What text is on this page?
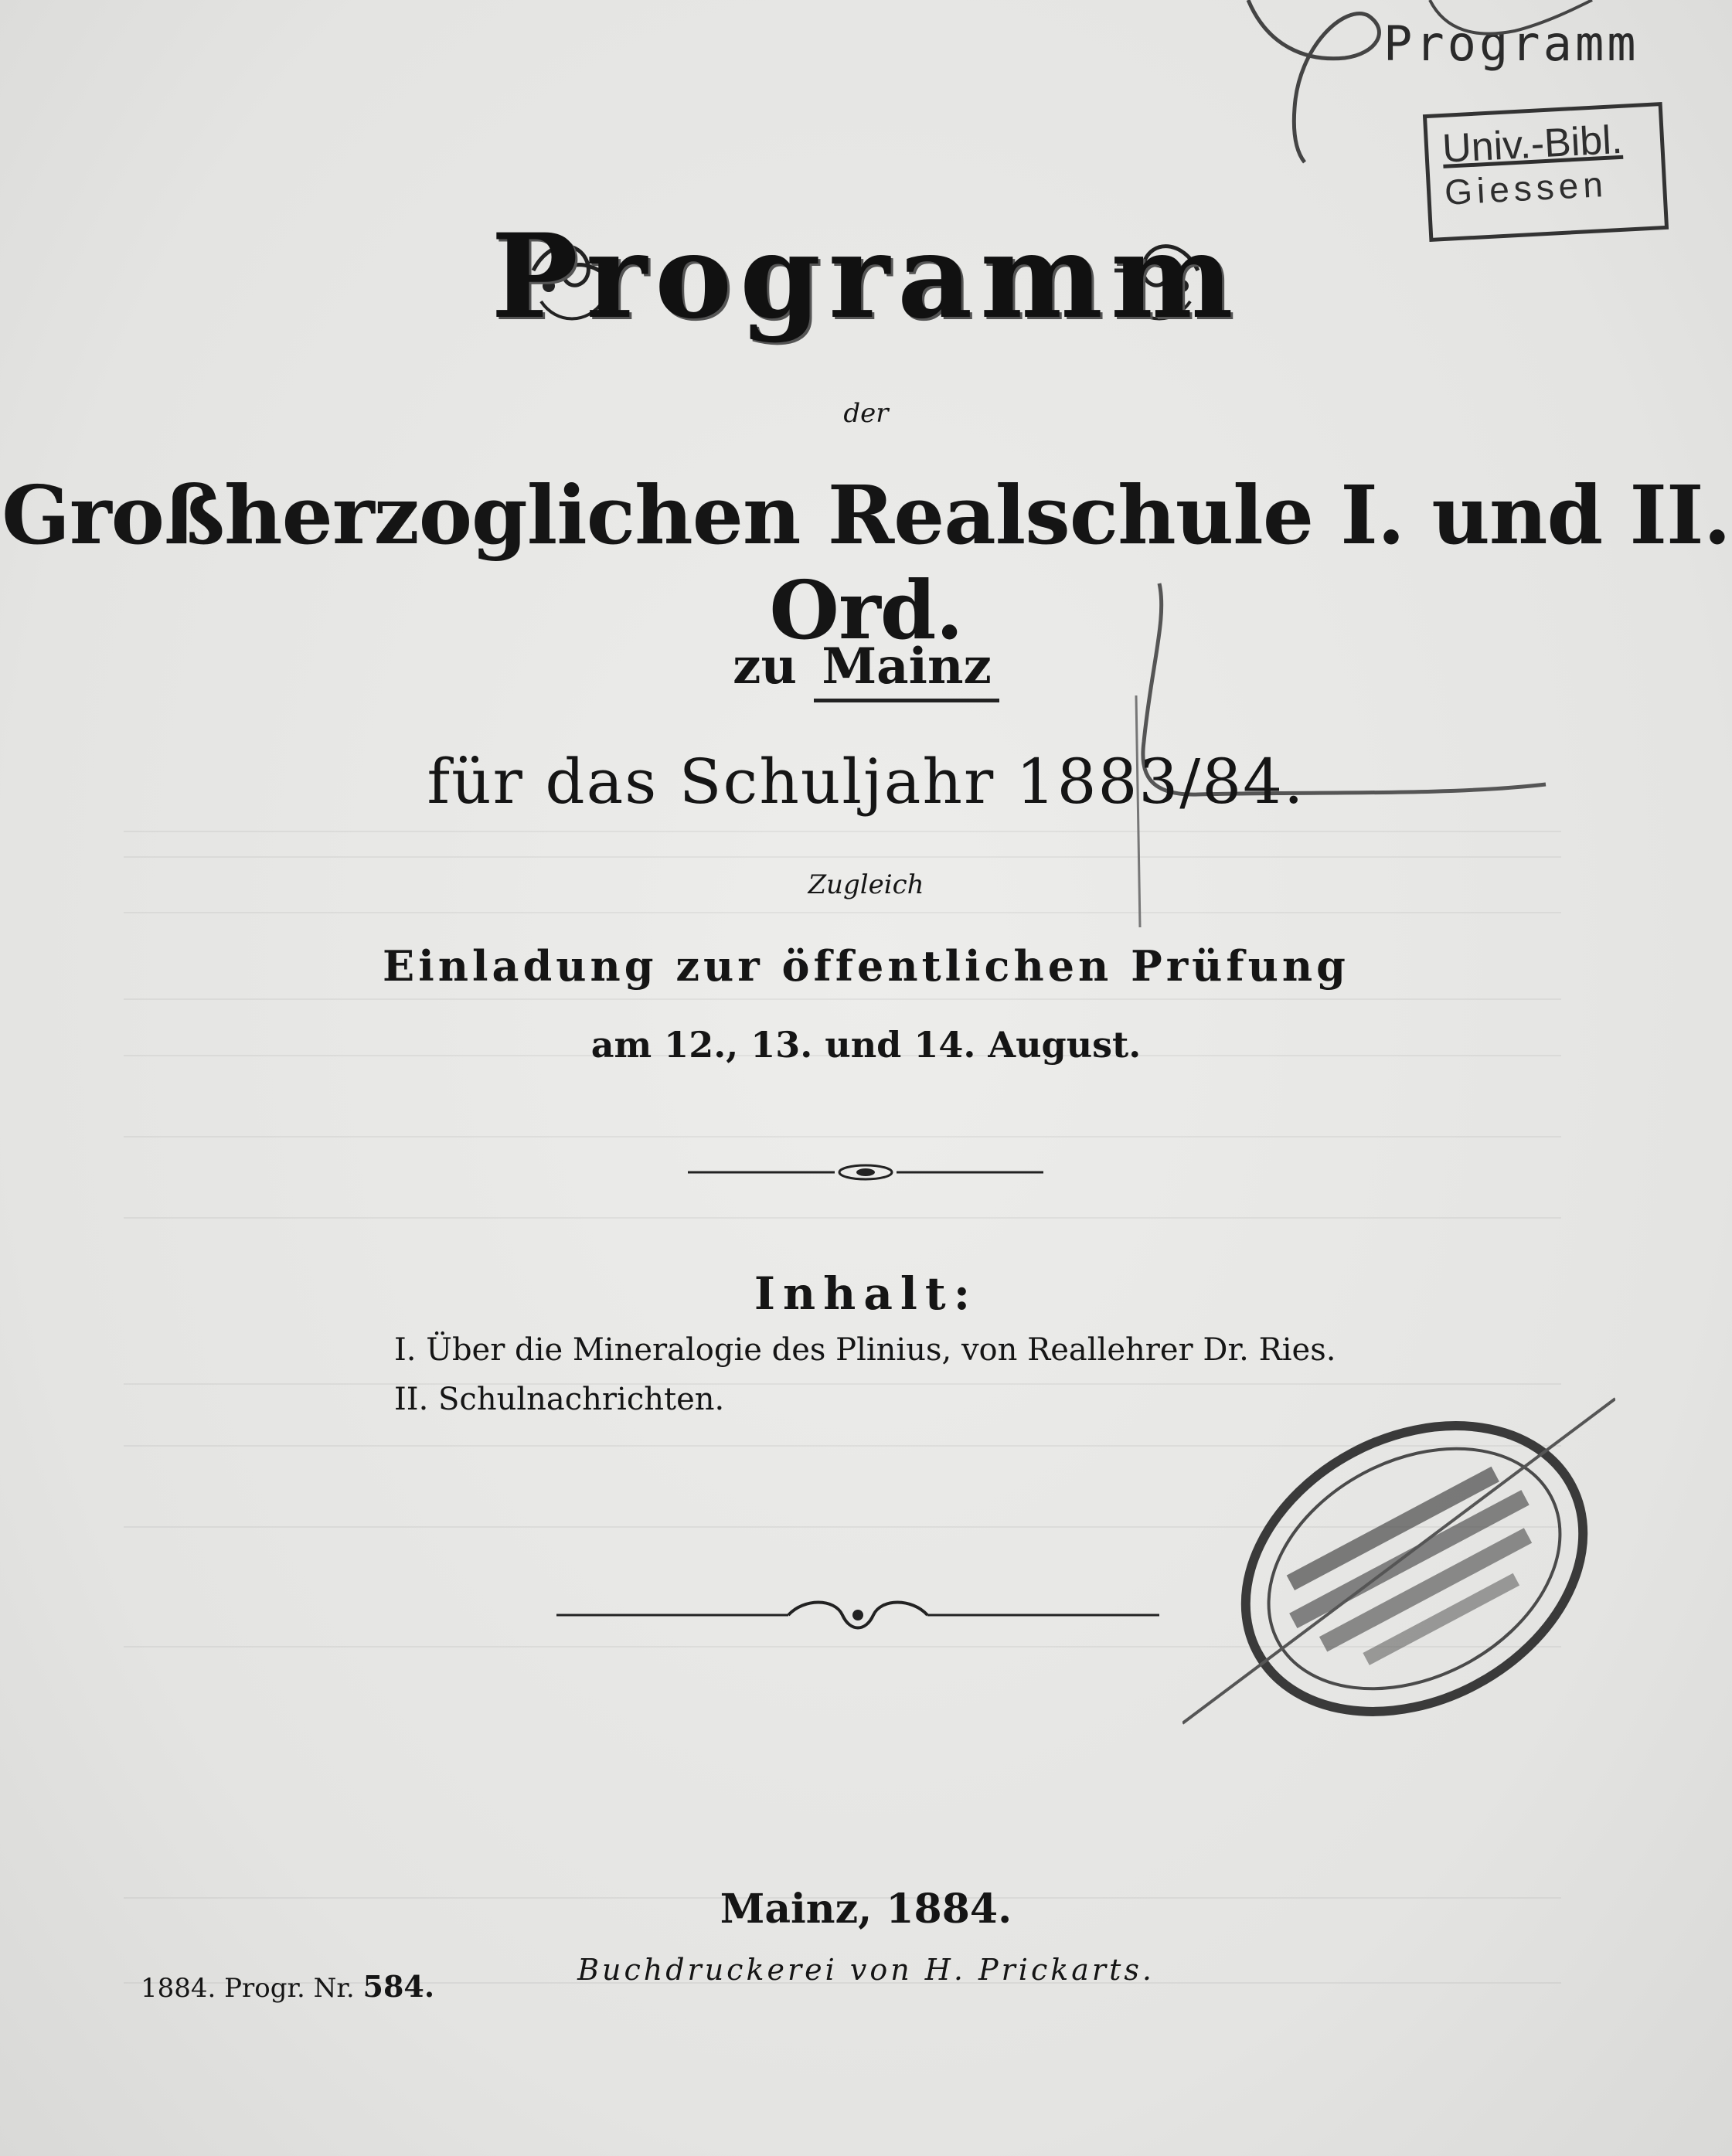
Programm
Univ.-Bibl.
Giessen
Programm
der
Großherzoglichen Realschule I. und II. Ord.
zu Mainz
für das Schuljahr 1883/84.
Zugleich
Einladung zur öffentlichen Prüfung
am 12., 13. und 14. August.
Inhalt:
I. Über die Mineralogie des Plinius, von Reallehrer Dr. Ries.
II. Schulnachrichten.
Mainz, 1884.
Buchdruckerei von H. Prickarts.
1884. Progr. Nr. 584.
